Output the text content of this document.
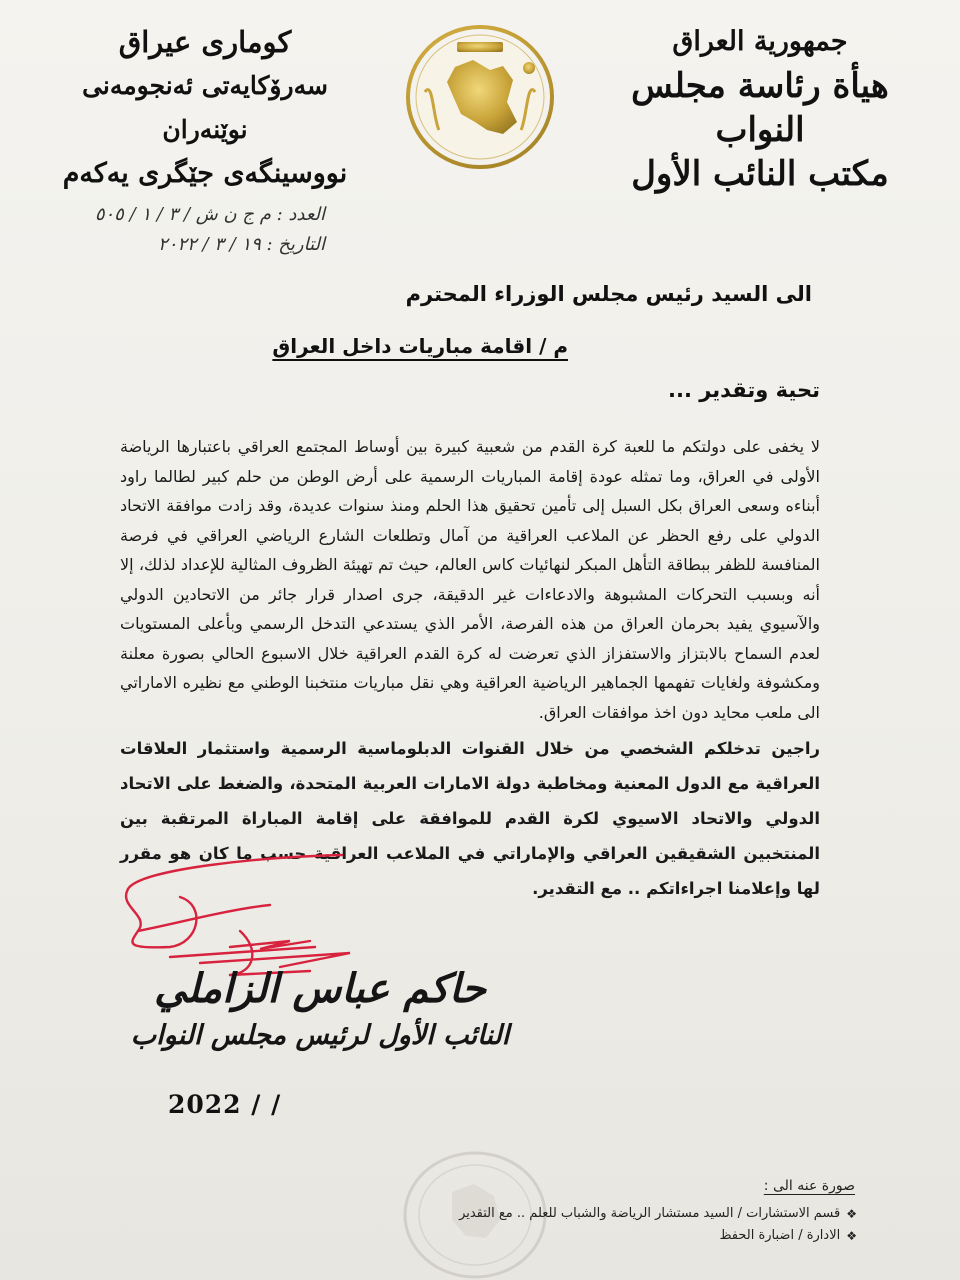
جمهورية العراق
هيأة رئاسة مجلس النواب
مكتب النائب الأول
كوماری عیراق
سەرۆکایەتی ئەنجومەنی نوێنەران
نووسینگەی جێگری یەکەم
العدد : م ج ن ش / ٣ / ١ / ٥٠٥
التاريخ : ١٩ / ٣ / ٢٠٢٢
الى السيد رئيس مجلس الوزراء المحترم
م / اقامة مباريات داخل العراق
تحية وتقدير ...
لا يخفى على دولتكم ما للعبة كرة القدم من شعبية كبيرة بين أوساط المجتمع العراقي باعتبارها الرياضة الأولى في العراق، وما تمثله عودة إقامة المباريات الرسمية على أرض الوطن من حلم كبير لطالما راود أبناءه وسعى العراق بكل السبل إلى تأمين تحقيق هذا الحلم ومنذ سنوات عديدة، وقد زادت موافقة الاتحاد الدولي على رفع الحظر عن الملاعب العراقية من آمال وتطلعات الشارع الرياضي العراقي في فرصة المنافسة للظفر ببطاقة التأهل المبكر لنهائيات كاس العالم، حيث تم تهيئة الظروف المثالية للإعداد لذلك، إلا أنه وبسبب التحركات المشبوهة والادعاءات غير الدقيقة، جرى اصدار قرار جائر من الاتحادين الدولي والآسيوي يفيد بحرمان العراق من هذه الفرصة، الأمر الذي يستدعي التدخل الرسمي وبأعلى المستويات لعدم السماح بالابتزاز والاستفزاز الذي تعرضت له كرة القدم العراقية خلال الاسبوع الحالي بصورة معلنة ومكشوفة ولغايات تفهمها الجماهير الرياضية العراقية وهي نقل مباريات منتخبنا الوطني مع نظيره الاماراتي الى ملعب محايد دون اخذ موافقات العراق.
راجين تدخلكم الشخصي من خلال القنوات الدبلوماسية الرسمية واستثمار العلاقات العراقية مع الدول المعنية ومخاطبة دولة الامارات العربية المتحدة، والضغط على الاتحاد الدولي والاتحاد الاسيوي لكرة القدم للموافقة على إقامة المباراة المرتقبة بين المنتخبين الشقيقين العراقي والإماراتي في الملاعب العراقية حسب ما كان هو مقرر لها وإعلامنا اجراءاتكم .. مع التقدير.
حاكم عباس الزاملي
النائب الأول لرئيس مجلس النواب
2022 / /
صورة عنه الى :
❖
قسم الاستشارات / السيد مستشار الرياضة والشباب للعلم .. مع التقدير
❖
الادارة / اضبارة الحفظ
